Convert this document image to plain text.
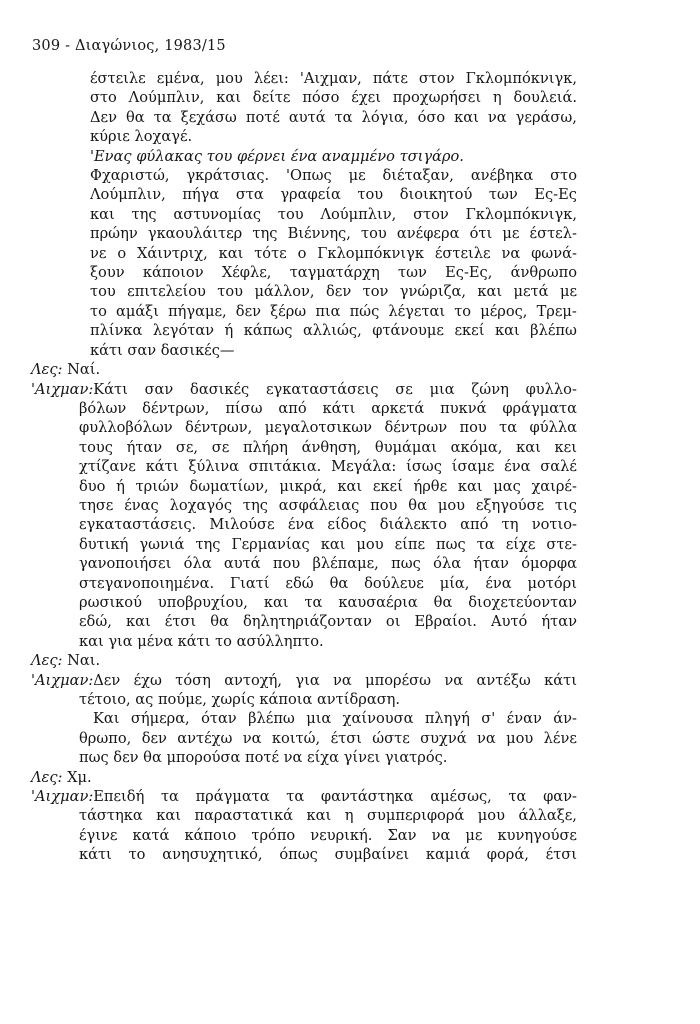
309 - Διαγώνιος, 1983/15
έστειλε εμένα, μου λέει: 'Αιχμαν, πάτε στον Γκλομπόκνιγκ,
στο Λούμπλιν, και δείτε πόσο έχει προχωρήσει η δουλειά.
Δεν θα τα ξεχάσω ποτέ αυτά τα λόγια, όσο και να γεράσω,
κύριε λοχαγέ.
'Ενας φύλακας του φέρνει ένα αναμμένο τσιγάρο.
Φχαριστώ, γκράτσιας. 'Οπως με διέταξαν, ανέβηκα στο
Λούμπλιν, πήγα στα γραφεία του διοικητού των Ες-Ες
και της αστυνομίας του Λούμπλιν, στον Γκλομπόκνιγκ,
πρώην γκαουλάιτερ της Βιέννης, του ανέφερα ότι με έστελ-
νε ο Χάιντριχ, και τότε ο Γκλομπόκνιγκ έστειλε να φωνά-
ξουν κάποιον Χέφλε, ταγματάρχη των Ες-Ες, άνθρωπο
του επιτελείου του μάλλον, δεν τον γνώριζα, και μετά με
το αμάξι πήγαμε, δεν ξέρω πια πώς λέγεται το μέρος, Τρεμ-
πλίνκα λεγόταν ή κάπως αλλιώς, φτάνουμε εκεί και βλέπω
κάτι σαν δασικές—
Λες: Ναί.
'Αιχμαν: Κάτι σαν δασικές εγκαταστάσεις σε μια ζώνη φυλλο-
βόλων δέντρων, πίσω από κάτι αρκετά πυκνά φράγματα
φυλλοβόλων δέντρων, μεγαλοτσικων δέντρων που τα φύλλα
τους ήταν σε, σε πλήρη άνθηση, θυμάμαι ακόμα, και κει
χτίζανε κάτι ξύλινα σπιτάκια. Μεγάλα: ίσως ίσαμε ένα σαλέ
δυο ή τριών δωματίων, μικρά, και εκεί ήρθε και μας χαιρέ-
τησε ένας λοχαγός της ασφάλειας που θα μου εξηγούσε τις
εγκαταστάσεις. Μιλούσε ένα είδος διάλεκτο από τη νοτιο-
δυτική γωνιά της Γερμανίας και μου είπε πως τα είχε στε-
γανοποιήσει όλα αυτά που βλέπαμε, πως όλα ήταν όμορφα
στεγανοποιημένα. Γιατί εδώ θα δούλευε μία, ένα μοτόρι
ρωσικού υποβρυχίου, και τα καυσαέρια θα διοχετεύονταν
εδώ, και έτσι θα δηλητηριάζονταν οι Εβραίοι. Αυτό ήταν
και για μένα κάτι το ασύλληπτο.
Λες: Ναι.
'Αιχμαν: Δεν έχω τόση αντοχή, για να μπορέσω να αντέξω κάτι
τέτοιο, ας πούμε, χωρίς κάποια αντίδραση.
Και σήμερα, όταν βλέπω μια χαίνουσα πληγή σ' έναν άν-
θρωπο, δεν αντέχω να κοιτώ, έτσι ώστε συχνά να μου λένε
πως δεν θα μπορούσα ποτέ να είχα γίνει γιατρός.
Λες: Χμ.
'Αιχμαν: Επειδή τα πράγματα τα φαντάστηκα αμέσως, τα φαν-
τάστηκα και παραστατικά και η συμπεριφορά μου άλλαξε,
έγινε κατά κάποιο τρόπο νευρική. Σαν να με κυνηγούσε
κάτι το ανησυχητικό, όπως συμβαίνει καμιά φορά, έτσι
